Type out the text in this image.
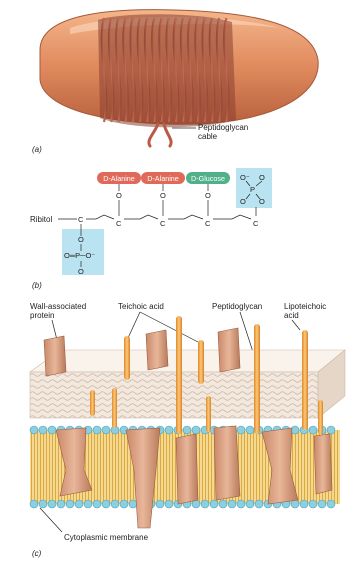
Peptidoglycan
cable
(a)
D-Alanine D-Alanine D-Glucose O⁻ O
P
O O
O	O	O
Ribitol	C	C	C	C	C
O
O═P─O⁻
O
(b)
Wall-associated
protein
Teichoic acid	Peptidoglycan	Lipoteichoic
acid
Cytoplasmic membrane
(c)
